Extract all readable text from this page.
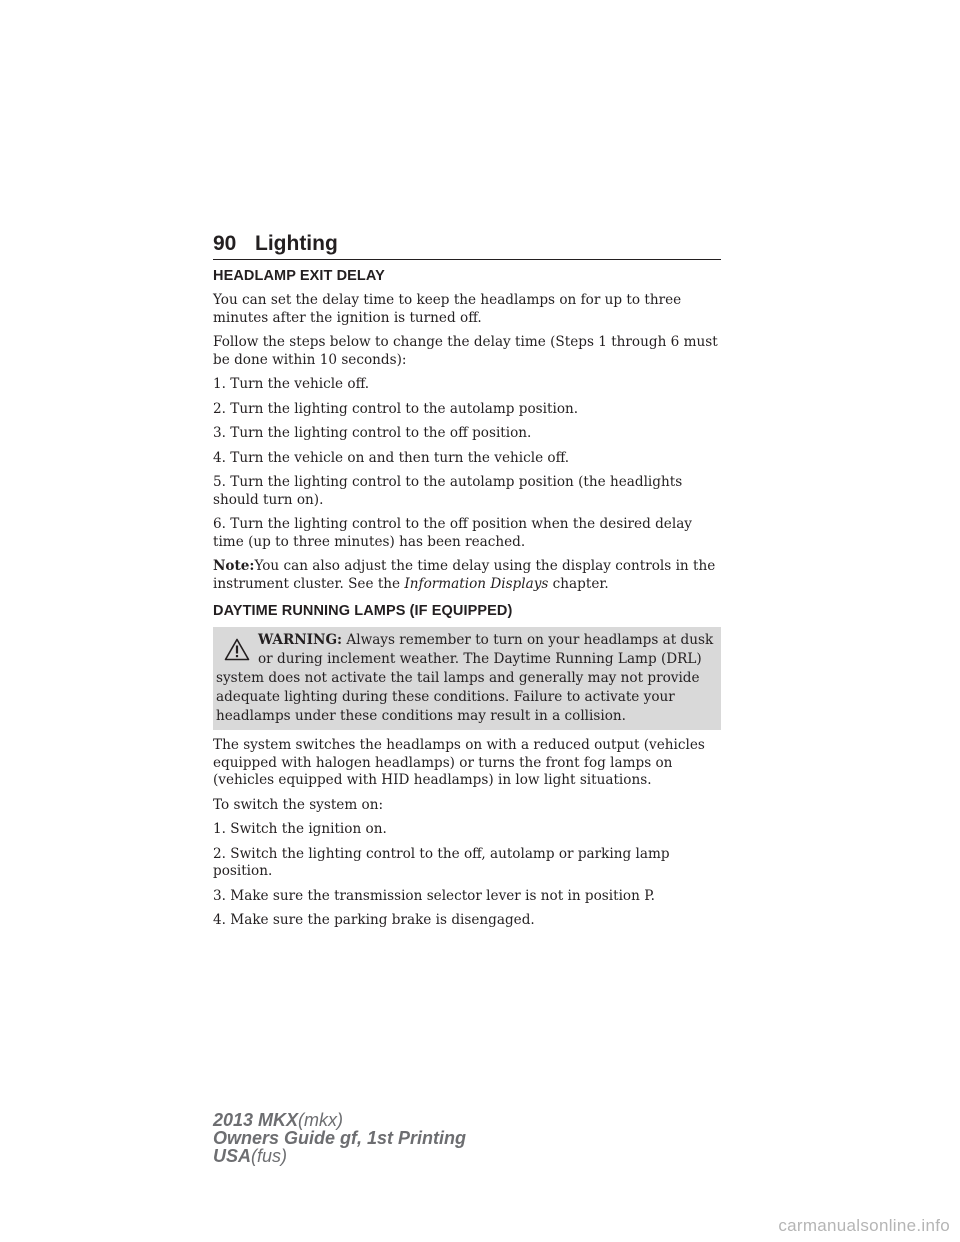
90 Lighting
HEADLAMP EXIT DELAY

You can set the delay time to keep the headlamps on for up to three minutes after the ignition is turned off.

Follow the steps below to change the delay time (Steps 1 through 6 must be done within 10 seconds):

1. Turn the vehicle off.

2. Turn the lighting control to the autolamp position.

3. Turn the lighting control to the off position.

4. Turn the vehicle on and then turn the vehicle off.

5. Turn the lighting control to the autolamp position (the headlights should turn on).

6. Turn the lighting control to the off position when the desired delay time (up to three minutes) has been reached.

Note:You can also adjust the time delay using the display controls in the instrument cluster. See the Information Displays chapter.

DAYTIME RUNNING LAMPS (IF EQUIPPED)
WARNING: Always remember to turn on your headlamps at dusk or during inclement weather. The Daytime Running Lamp (DRL)
system does not activate the tail lamps and generally may not provide adequate lighting during these conditions. Failure to activate your headlamps under these conditions may result in a collision.

The system switches the headlamps on with a reduced output (vehicles equipped with halogen headlamps) or turns the front fog lamps on (vehicles equipped with HID headlamps) in low light situations.

To switch the system on:

1. Switch the ignition on.

2. Switch the lighting control to the off, autolamp or parking lamp position.

3. Make sure the transmission selector lever is not in position P.

4. Make sure the parking brake is disengaged.

2013 MKX(mkx)
Owners Guide gf, 1st Printing
USA(fus)
carmanualsonline.info
